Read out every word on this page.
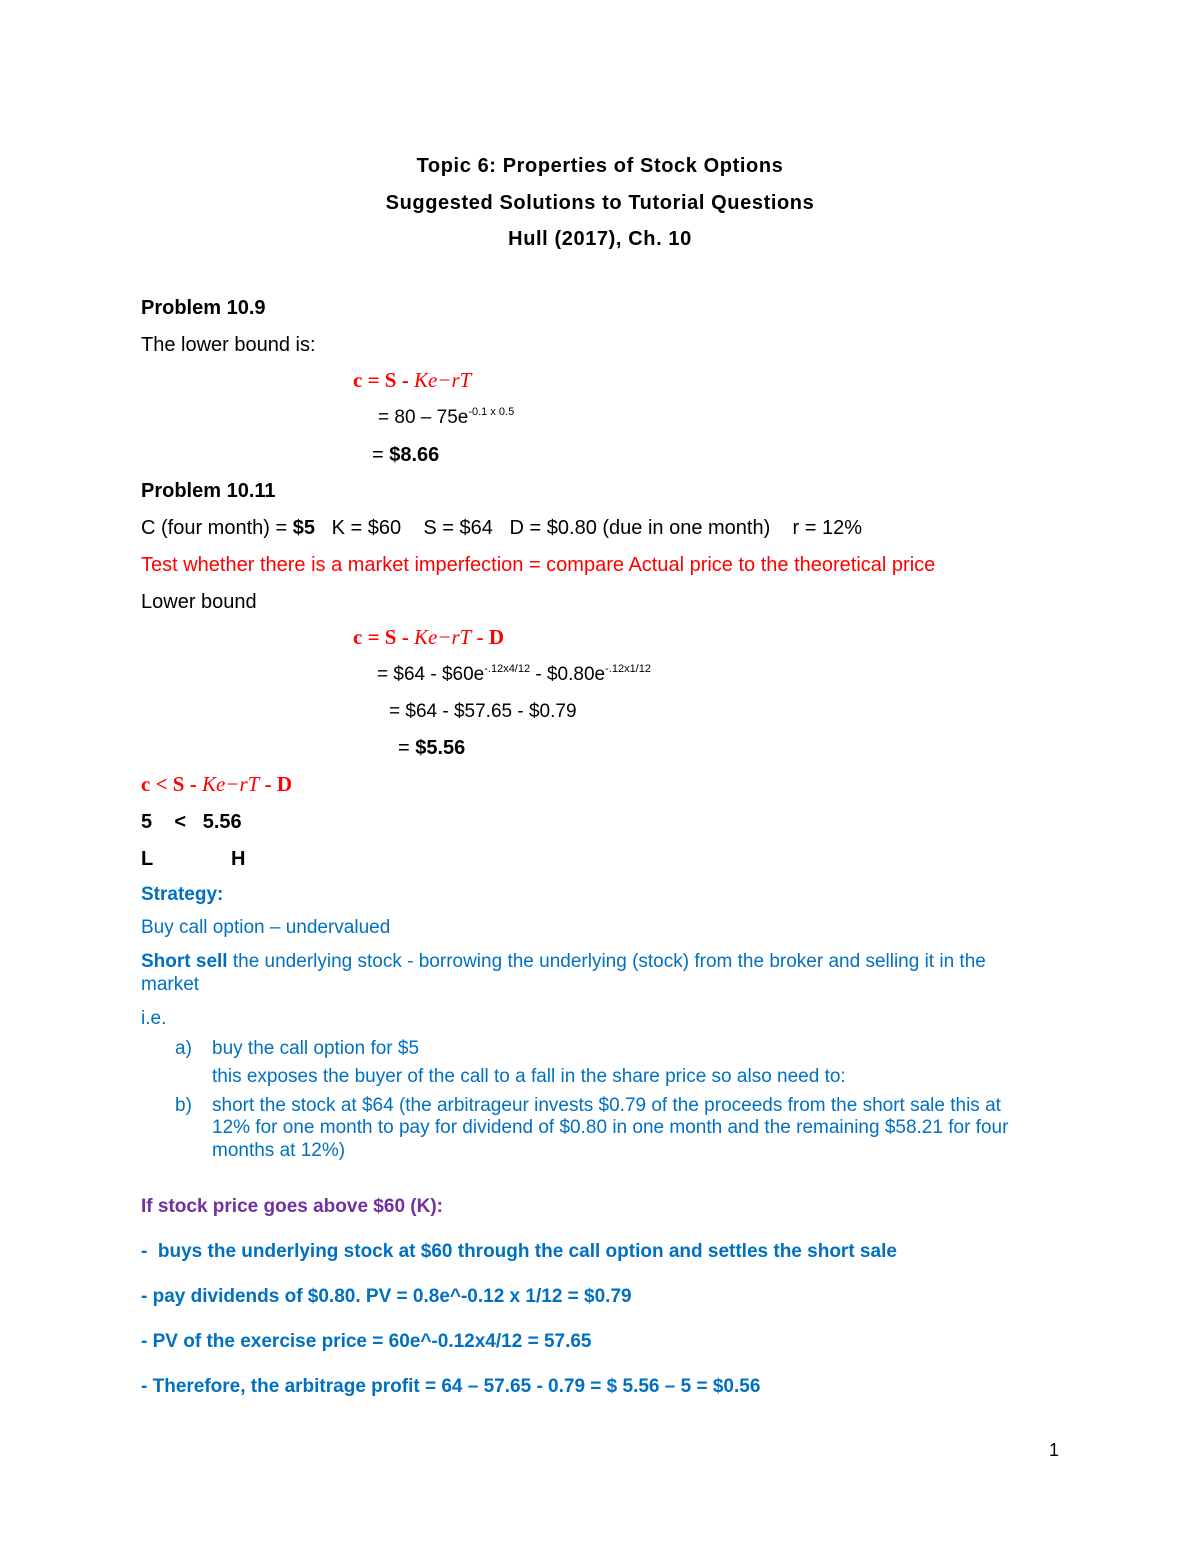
Topic 6: Properties of Stock Options
Suggested Solutions to Tutorial Questions
Hull (2017), Ch. 10
Problem 10.9
The lower bound is:
c = S - Ke−rT
= $80 - 75e^{-0.1 x 0.5}$
= $8.66
Problem 10.11
C (four month) = $5   K = $60    S = $64   D = $0.80 (due in one month)    r = 12%
Test whether there is a market imperfection = compare Actual price to the theoretical price
Lower bound
c = S - Ke−rT - D
= $64 - $\$60e^{-.12x4/12}$ - $\$0.80e^{-.12x1/12}$
= $64 - $57.65 - $0.79
= $5.56
c < S - Ke−rT - D
5    <   5.56
L	H
Strategy:
Buy call option – undervalued
Short sell the underlying stock - borrowing the underlying (stock) from the broker and selling it in the
market
i.e.
a) buy the call option for $5
this exposes the buyer of the call to a fall in the share price so also need to:
b) short the stock at $64 (the arbitrageur invests $0.79 of the proceeds from the short sale this at
12% for one month to pay for dividend of $0.80 in one month and the remaining $58.21 for four
months at 12%)
If stock price goes above $60 (K):
-  buys the underlying stock at $60 through the call option and settles the short sale
- pay dividends of $0.80. PV = 0.8e^-0.12 x 1/12 = $0.79
- PV of the exercise price = 60e^-0.12x4/12 = 57.65
- Therefore, the arbitrage profit = 64 – 57.65 - 0.79 = $ 5.56 – 5 = $0.56
1
